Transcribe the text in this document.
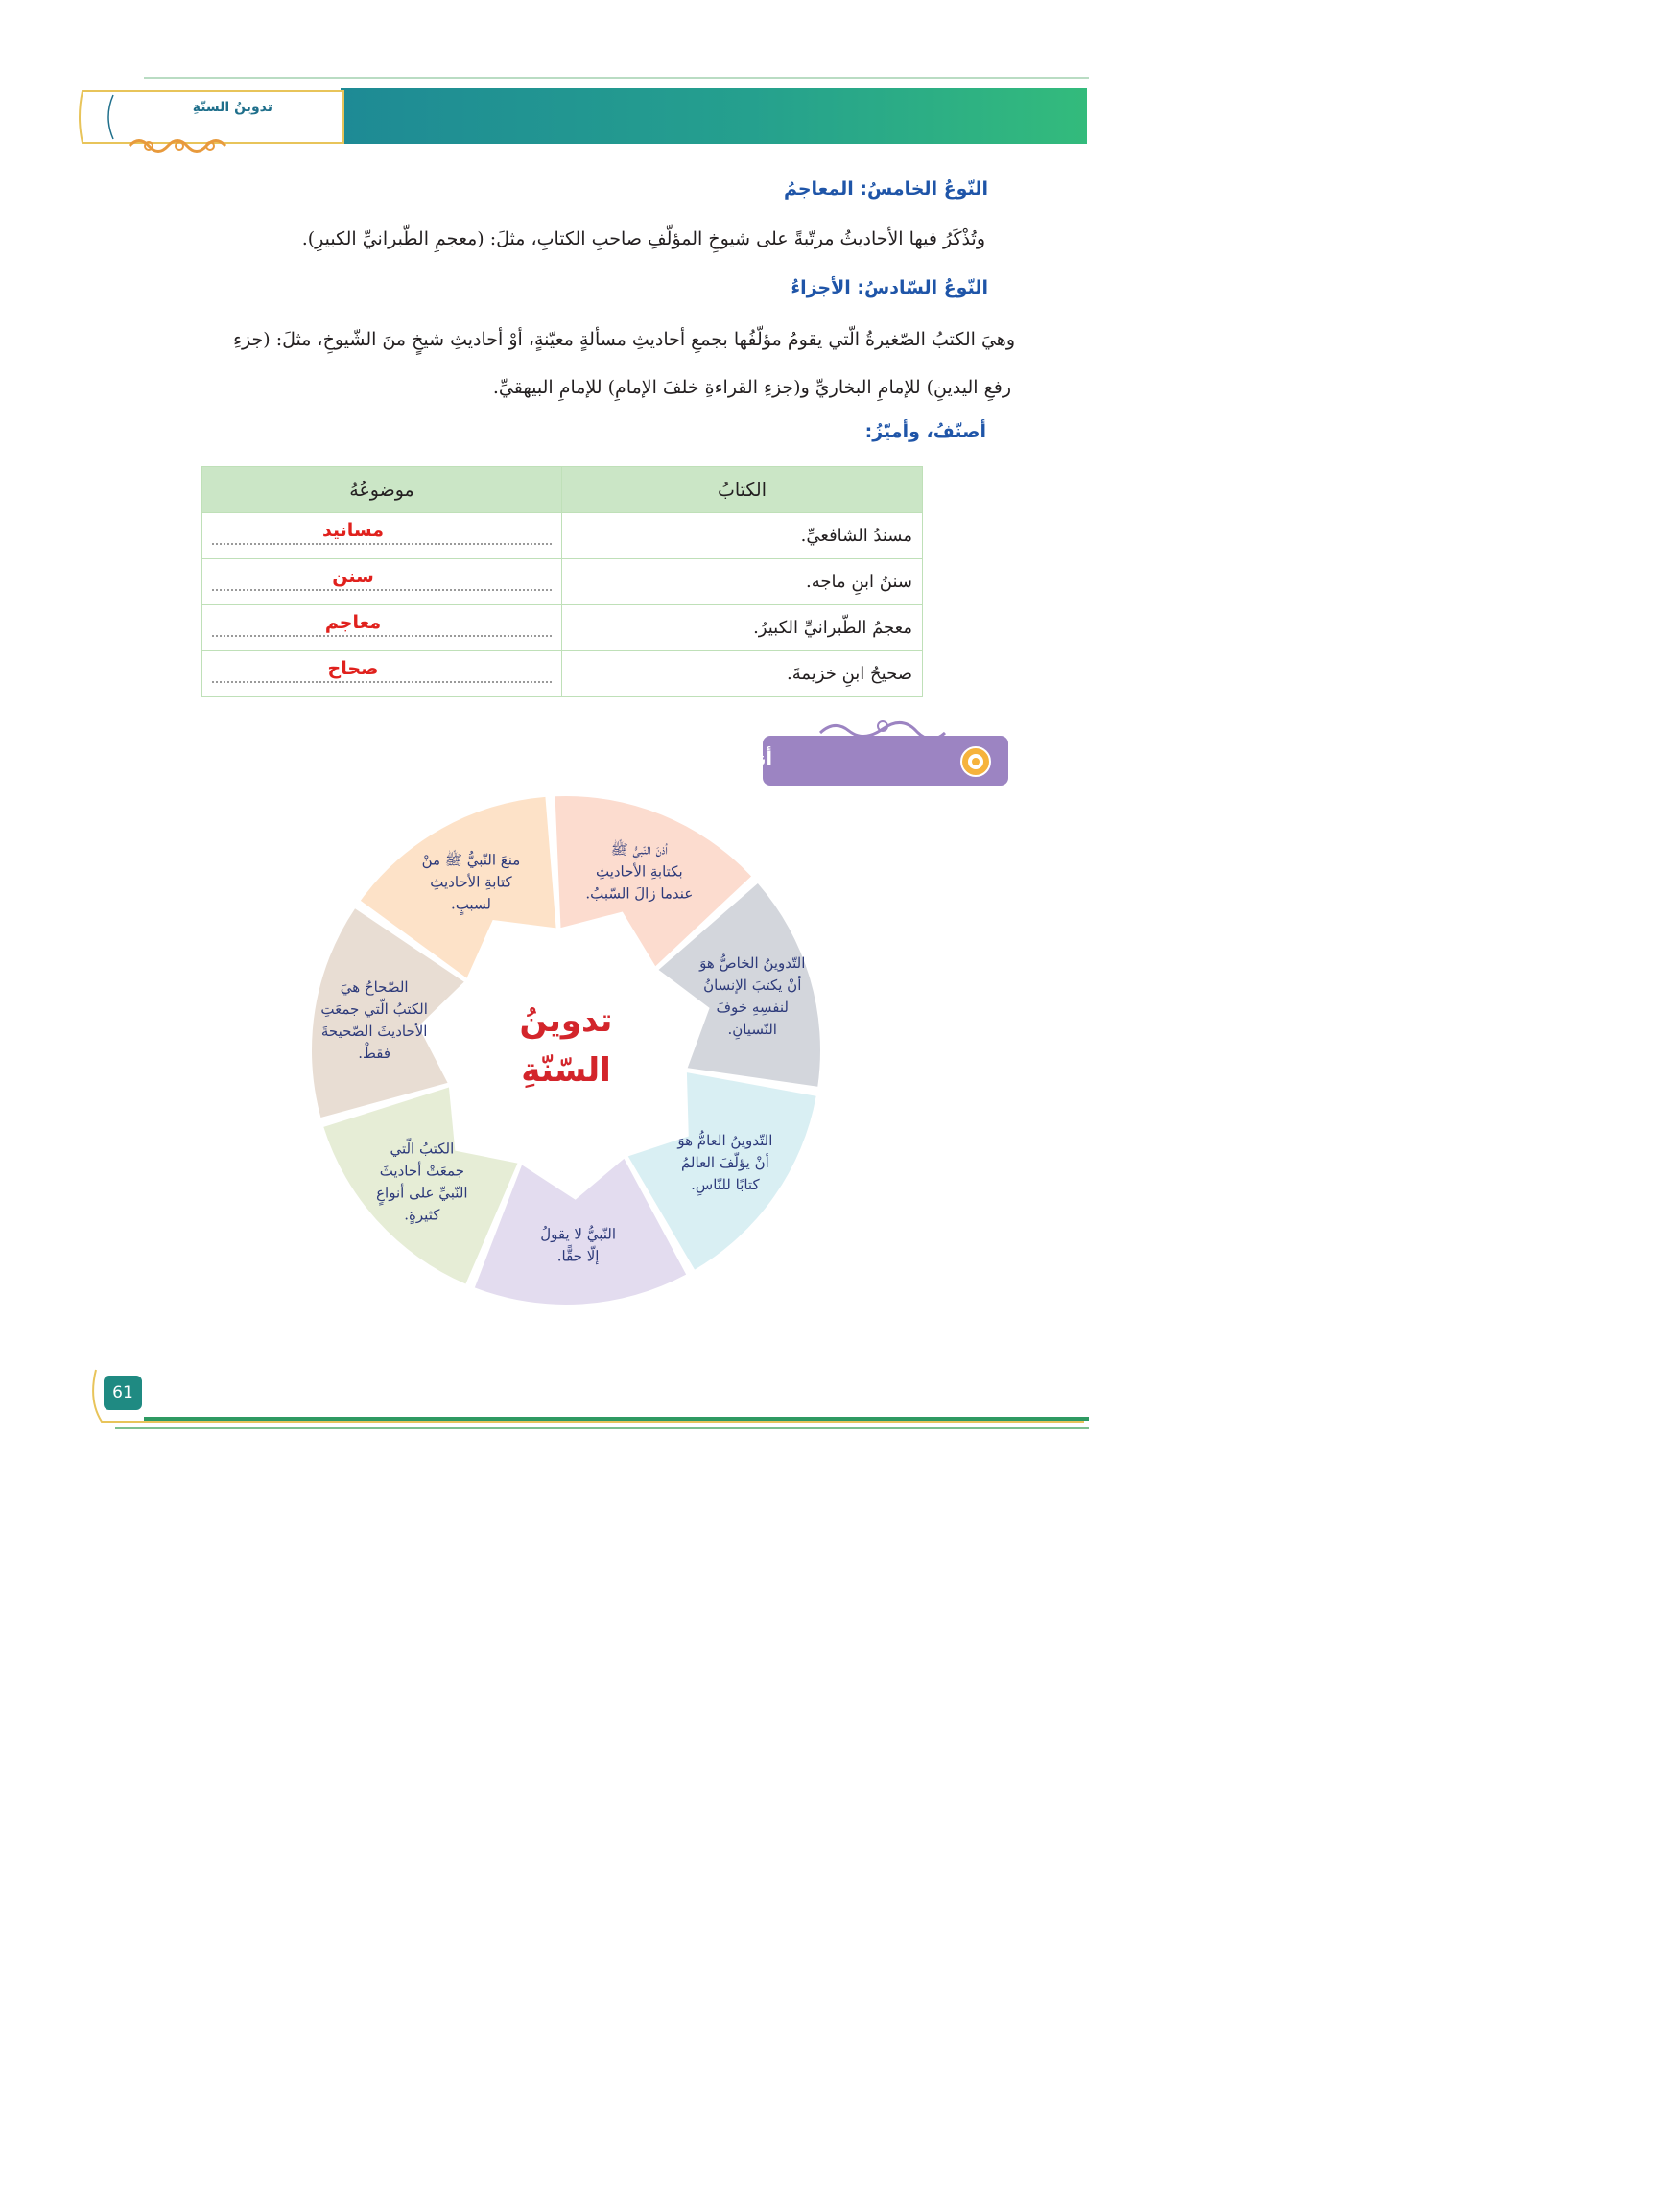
تدوينُ السنّةِ
النّوعُ الخامسُ: المعاجمُ
وتُذْكَرُ فيها الأحاديثُ مرتّبةً على شيوخِ المؤلّفِ صاحبِ الكتابِ، مثلَ: (معجمِ الطّبرانيِّ الكبيرِ).
النّوعُ السّادسُ: الأجزاءُ
وهيَ الكتبُ الصّغيرةُ الّتي يقومُ مؤلّفُها بجمعِ أحاديثِ مسألةٍ معيّنةٍ، أوْ أحاديثِ شيخٍ منَ الشّيوخِ، مثلَ: (جزءِ
رفعِ اليدينِ) للإمامِ البخاريِّ و(جزءِ القراءةِ خلفَ الإمامِ) للإمامِ البيهقيِّ.
أصنّفُ، وأميّزُ:
الكتابُ	موضوعُهُ
مسندُ الشافعيِّ.	مسانيد
سننُ ابنِ ماجه.	سنن
معجمُ الطّبرانيِّ الكبيرُ.	معاجم
صحيحُ ابنِ خزيمةَ.	صحاح
أنظّمُ مفاهيمي
تدوينُ
السّنّةِ
منعَ النّبيُّ ﷺ منْ
كتابةِ الأحاديثِ
لسببٍ.
أذنَ النّبيُّ ﷺ
بكتابةِ الأحاديثِ
عندما زالَ السّببُ.
التّدوينُ الخاصُّ هوَ
أنْ يكتبَ الإنسانُ
لنفسِهِ خوفَ
النّسيانِ.
التّدوينُ العامُّ هوَ
أنْ يؤلّفَ العالمُ
كتابًا للنّاسِ.
النّبيُّ لا يقولُ
إلّا حقًّا.
الكتبُ الّتي
جمعَتْ أحاديثَ
النّبيِّ على أنواعٍ
كثيرةٍ.
الصّحاحُ هيَ
الكتبُ الّتي جمعَتِ
الأحاديثَ الصّحيحةَ
فقطْ.
61
